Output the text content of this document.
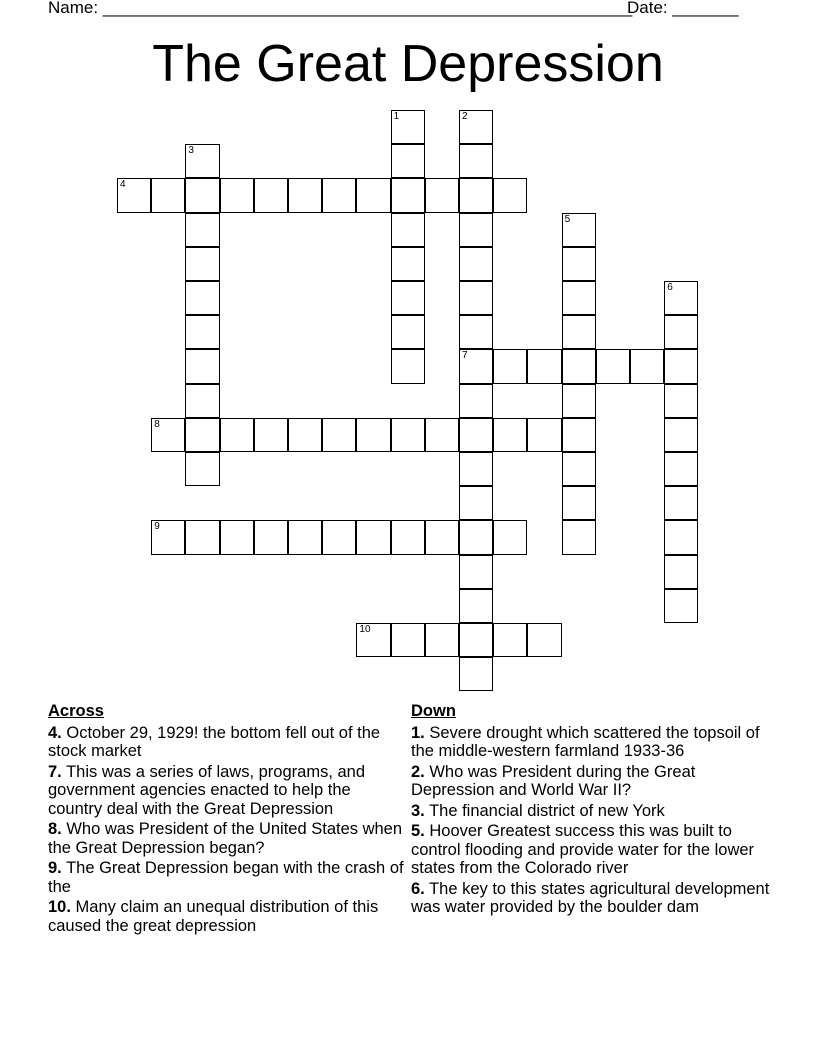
Name: ________________________________________________________
Date: _______
The Great Depression
1	2
7
3
4
5
6
8
9
10
Across
4. October 29, 1929! the bottom fell out of the stock market
7. This was a series of laws, programs, and government agencies enacted to help the country deal with the Great Depression
8. Who was President of the United States when the Great Depression began?
9. The Great Depression began with the crash of the
10. Many claim an unequal distribution of this caused the great depression
Down
1. Severe drought which scattered the topsoil of the middle-western farmland 1933-36
2. Who was President during the Great Depression and World War II?
3. The financial district of new York
5. Hoover Greatest success this was built to control flooding and provide water for the lower states from the Colorado river
6. The key to this states agricultural development was water provided by the boulder dam
